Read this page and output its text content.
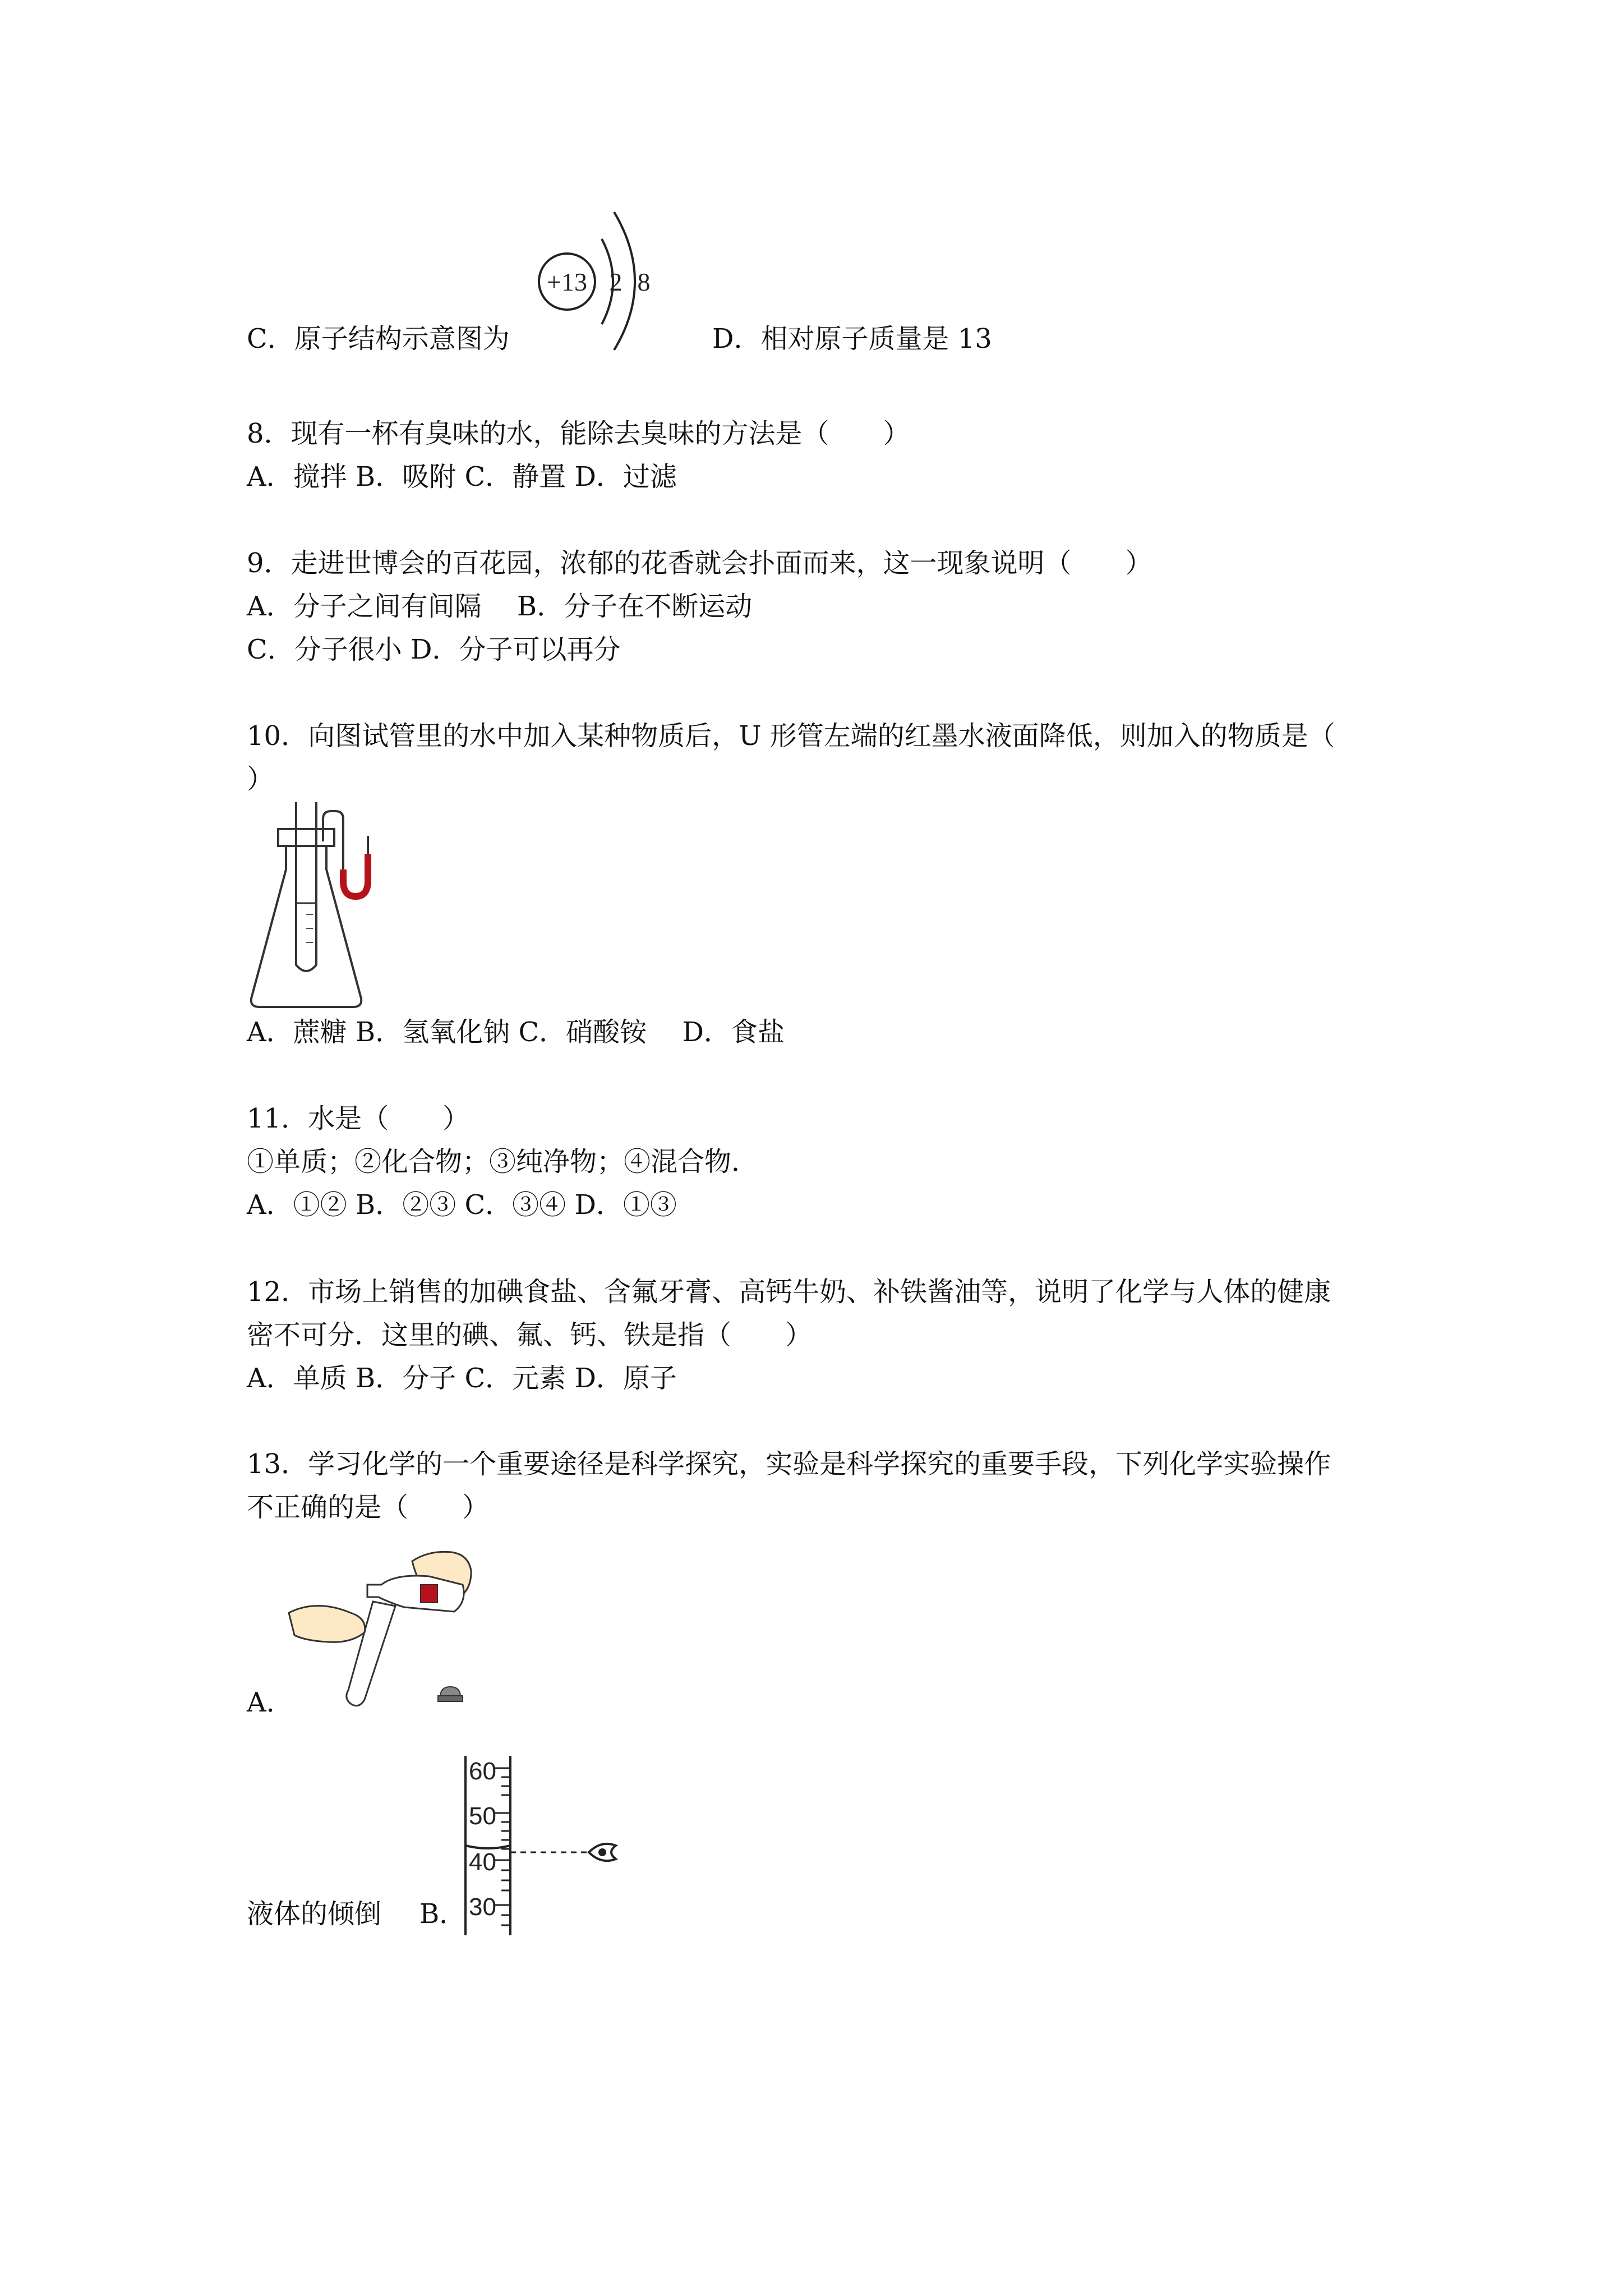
C．原子结构示意图为
+13 2 8
D．相对原子质量是 13
8．现有一杯有臭味的水，能除去臭味的方法是（　　）
A．搅拌 B．吸附 C．静置 D．过滤
9．走进世博会的百花园，浓郁的花香就会扑面而来，这一现象说明（　　）
A．分子之间有间隔　 B．分子在不断运动
C．分子很小 D．分子可以再分
10．向图试管里的水中加入某种物质后，U 形管左端的红墨水液面降低，则加入的物质是（
）
A．蔗糖 B．氢氧化钠 C．硝酸铵　 D．食盐
11．水是（　　）
①单质；②化合物；③纯净物；④混合物．
A．①② B．②③ C．③④ D．①③
12．市场上销售的加碘食盐、含氟牙膏、高钙牛奶、补铁酱油等，说明了化学与人体的健康
密不可分．这里的碘、氟、钙、铁是指（　　）
A．单质 B．分子 C．元素 D．原子
13．学习化学的一个重要途径是科学探究，实验是科学探究的重要手段，下列化学实验操作
不正确的是（　　）
A．
60
50
40
30
液体的倾倒 B．
